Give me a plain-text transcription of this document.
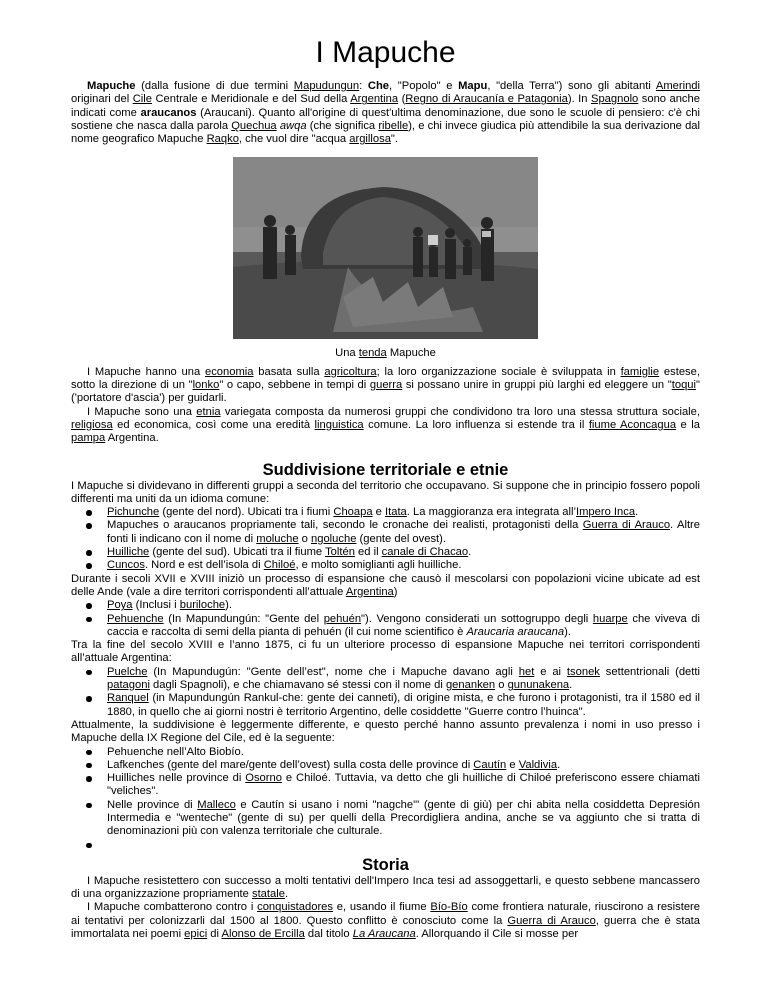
I Mapuche

Mapuche (dalla fusione di due termini Mapudungun: Che, "Popolo" e Mapu, "della Terra") sono gli abitanti Amerindi originari del Cile Centrale e Meridionale e del Sud della Argentina (Regno di Araucanía e Patagonia). In Spagnolo sono anche indicati come araucanos (Araucani). Quanto all'origine di quest'ultima denominazione, due sono le scuole di pensiero: c'è chi sostiene che nasca dalla parola Quechua awqa (che significa ribelle), e chi invece giudica più attendibile la sua derivazione dal nome geografico Mapuche Raqko, che vuol dire "acqua argillosa".

Una tenda Mapuche

I Mapuche hanno una economia basata sulla agricoltura; la loro organizzazione sociale è sviluppata in famiglie estese, sotto la direzione di un "lonko" o capo, sebbene in tempi di guerra si possano unire in gruppi più larghi ed eleggere un "toqui" ('portatore d'ascia') per guidarli.

I Mapuche sono una etnia variegata composta da numerosi gruppi che condividono tra loro una stessa struttura sociale, religiosa ed economica, così come una eredità linguistica comune. La loro influenza si estende tra il fiume Aconcagua e la pampa Argentina.

Suddivisione territoriale e etnie

I Mapuche si dividevano in differenti gruppi a seconda del territorio che occupavano. Si suppone che in principio fossero popoli differenti ma uniti da un idioma comune:

Pichunche (gente del nord). Ubicati tra i fiumi Choapa e Itata. La maggioranza era integrata all’Impero Inca.
Mapuches o araucanos propriamente tali, secondo le cronache dei realisti, protagonisti della Guerra di Arauco. Altre fonti li indicano con il nome di moluche o ngoluche (gente del ovest).
Huilliche (gente del sud). Ubicati tra il fiume Toltén ed il canale di Chacao.
Cuncos. Nord e est dell’isola di Chiloé, e molto somiglianti agli huilliche.

Durante i secoli XVII e XVIII iniziò un processo di espansione che causò il mescolarsi con popolazioni vicine ubicate ad est delle Ande (vale a dire territori corrispondenti all’attuale Argentina)

Poya (Inclusi i buriloche).
Pehuenche (In Mapundungún: "Gente del pehuén"). Vengono considerati un sottogruppo degli huarpe che viveva di caccia e raccolta di semi della pianta di pehuén (il cui nome scientifico è Araucaria araucana).

Tra la fine del secolo XVIII e l’anno 1875, ci fu un ulteriore processo di espansione Mapuche nei territori corrispondenti all’attuale Argentina:

Puelche (In Mapundugún: "Gente dell’est", nome che i Mapuche davano agli het e ai tsonek settentrionali (detti patagoni dagli Spagnoli), e che chiamavano sé stessi con il nome di genanken o gununakena.
Ranquel (in Mapundungún Rankul-che: gente dei canneti), di origine mista, e che furono i protagonisti, tra il 1580 ed il 1880, in quello che ai giorni nostri è territorio Argentino, delle cosiddette "Guerre contro l’huinca".

Attualmente, la suddivisione è leggermente differente, e questo perché hanno assunto prevalenza i nomi in uso presso i Mapuche della IX Regione del Cile, ed è la seguente:

Pehuenche nell’Alto Biobío.
Lafkenches (gente del mare/gente dell’ovest) sulla costa delle province di Cautín e Valdivia.
Huilliches nelle province di Osorno e Chiloé. Tuttavia, va detto che gli huilliche di Chiloé preferiscono essere chiamati "veliches".
Nelle province di Malleco e Cautín si usano i nomi "nagche"' (gente di giù) per chi abita nella cosiddetta Depresión Intermedia e "wenteche" (gente di su) per quelli della Precordigliera andina, anche se va aggiunto che si tratta di denominazioni più con valenza territoriale che culturale.

Storia

I Mapuche resistettero con successo a molti tentativi dell'Impero Inca tesi ad assoggettarli, e questo sebbene mancassero di una organizzazione propriamente statale.

I Mapuche combatterono contro i conquistadores e, usando il fiume Bío-Bío come frontiera naturale, riuscirono a resistere ai tentativi per colonizzarli dal 1500 al 1800. Questo conflitto è conosciuto come la Guerra di Arauco, guerra che è stata immortalata nei poemi epici di Alonso de Ercilla dal titolo La Araucana. Allorquando il Cile si mosse per
